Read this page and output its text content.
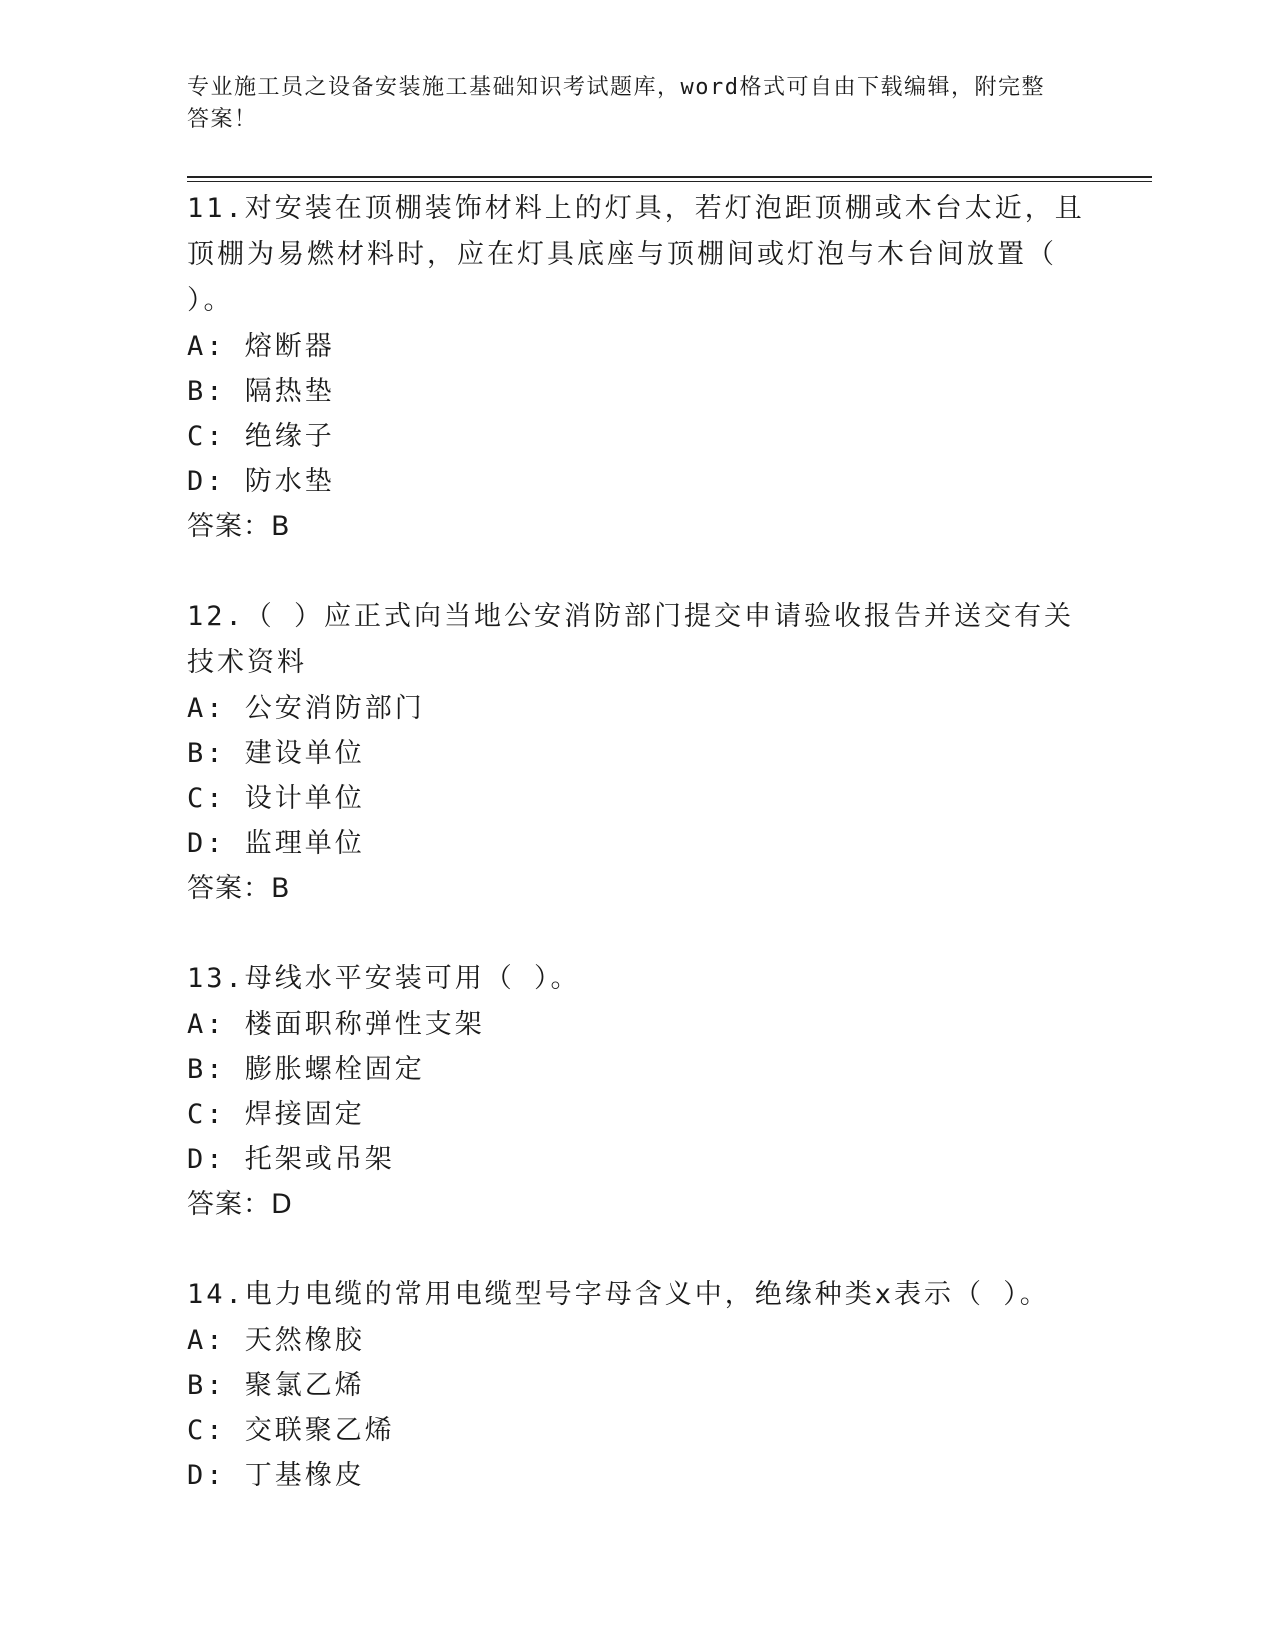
专业施工员之设备安装施工基础知识考试题库，word格式可自由下载编辑，附完整答案！
11.对安装在顶棚装饰材料上的灯具，若灯泡距顶棚或木台太近，且顶棚为易燃材料时，应在灯具底座与顶棚间或灯泡与木台间放置（ ）。
A: 熔断器
B: 隔热垫
C: 绝缘子
D: 防水垫
答案：B
12.（ ）应正式向当地公安消防部门提交申请验收报告并送交有关技术资料
A: 公安消防部门
B: 建设单位
C: 设计单位
D: 监理单位
答案：B
13.母线水平安装可用（ ）。
A: 楼面职称弹性支架
B: 膨胀螺栓固定
C: 焊接固定
D: 托架或吊架
答案：D
14.电力电缆的常用电缆型号字母含义中，绝缘种类x表示（ ）。
A: 天然橡胶
B: 聚氯乙烯
C: 交联聚乙烯
D: 丁基橡皮
